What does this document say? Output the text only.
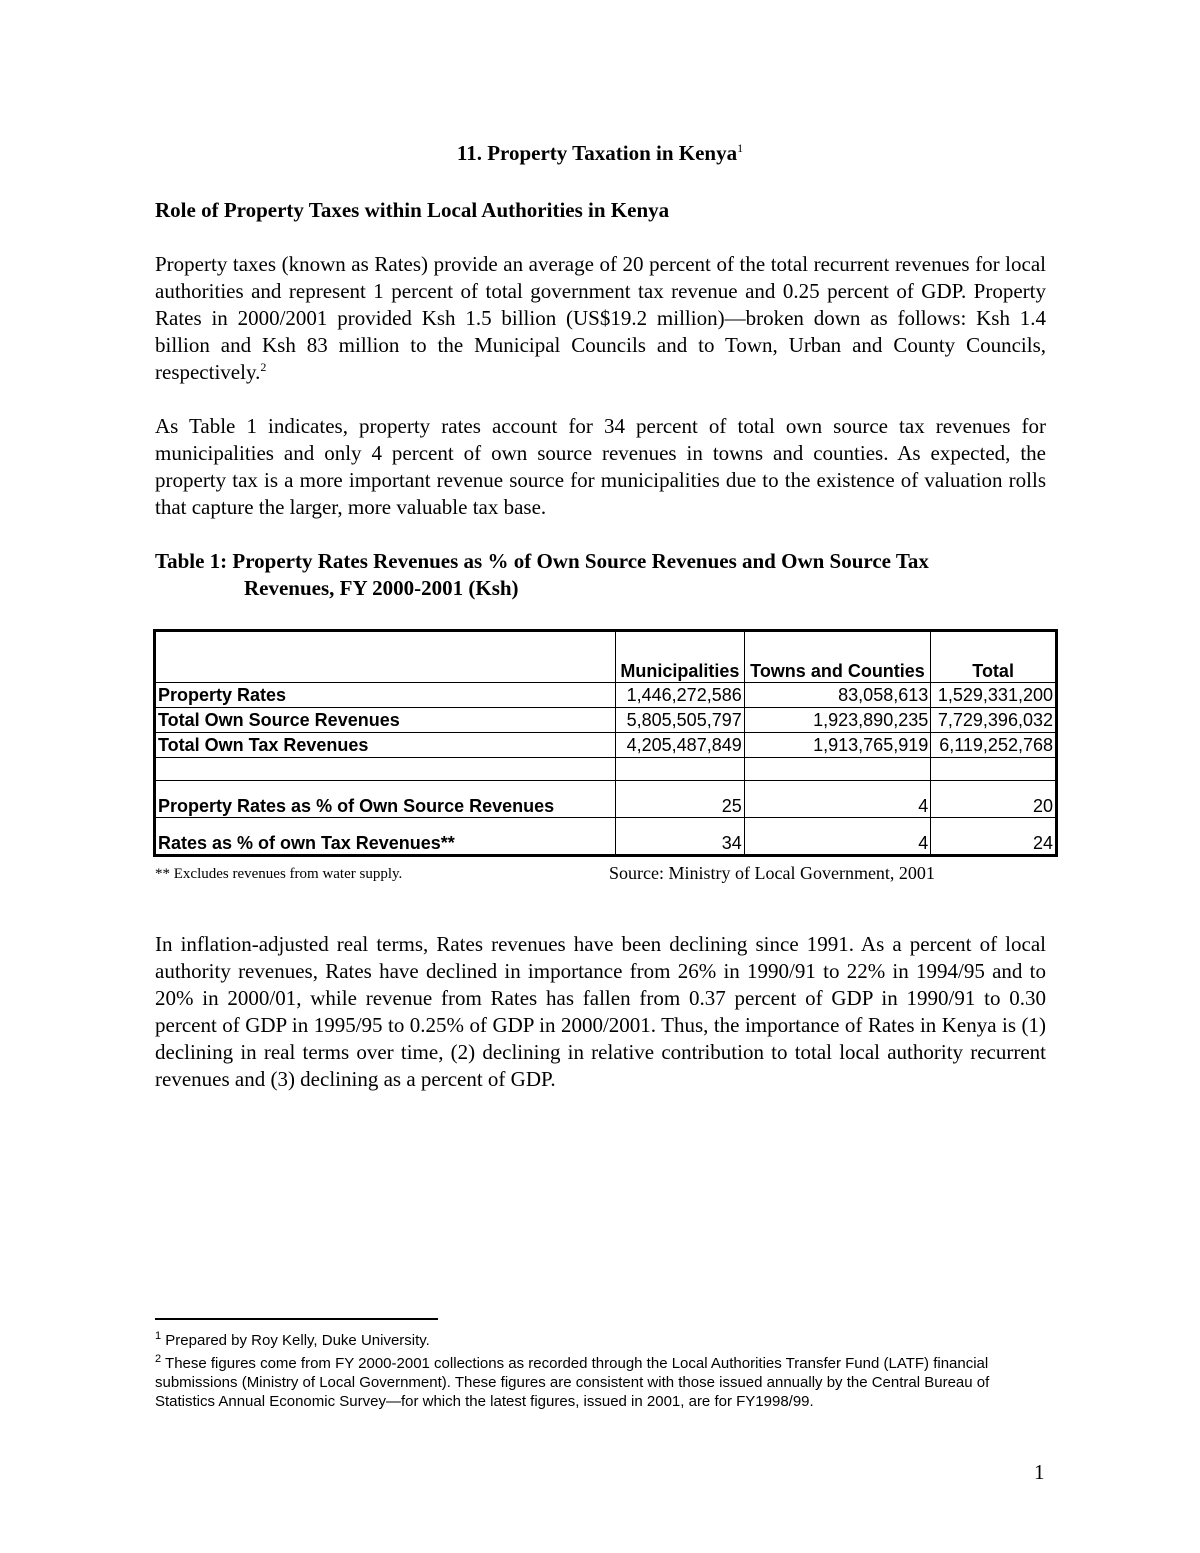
11. Property Taxation in Kenya$^1$
Role of Property Taxes within Local Authorities in Kenya

Property taxes (known as Rates) provide an average of 20 percent of the total recurrent revenues for local authorities and represent 1 percent of total government tax revenue and 0.25 percent of GDP. Property Rates in 2000/2001 provided Ksh 1.5 billion (US$19.2 million)—broken down as follows: Ksh 1.4 billion and Ksh 83 million to the Municipal Councils and to Town, Urban and County Councils, respectively.$^2$

As Table 1 indicates, property rates account for 34 percent of total own source tax revenues for municipalities and only 4 percent of own source revenues in towns and counties. As expected, the property tax is a more important revenue source for municipalities due to the existence of valuation rolls that capture the larger, more valuable tax base.

Table 1: Property Rates Revenues as % of Own Source Revenues and Own Source Tax
Revenues, FY 2000-2001 (Ksh)
	Municipalities	Towns and Counties	Total
Property Rates	1,446,272,586	83,058,613	1,529,331,200
Total Own Source Revenues	5,805,505,797	1,923,890,235	7,729,396,032
Total Own Tax Revenues	4,205,487,849	1,913,765,919	6,119,252,768

Property Rates as % of Own Source Revenues	25	4	20
Rates as % of own Tax Revenues**	34	4	24
** Excludes revenues from water supply.	Source: Ministry of Local Government, 2001

In inflation-adjusted real terms, Rates revenues have been declining since 1991. As a percent of local authority revenues, Rates have declined in importance from 26% in 1990/91 to 22% in 1994/95 and to 20% in 2000/01, while revenue from Rates has fallen from 0.37 percent of GDP in 1990/91 to 0.30 percent of GDP in 1995/95 to 0.25% of GDP in 2000/2001. Thus, the importance of Rates in Kenya is (1) declining in real terms over time, (2) declining in relative contribution to total local authority recurrent revenues and (3) declining as a percent of GDP.

$^1$ Prepared by Roy Kelly, Duke University.

$^2$ These figures come from FY 2000-2001 collections as recorded through the Local Authorities Transfer Fund (LATF) financial submissions (Ministry of Local Government). These figures are consistent with those issued annually by the Central Bureau of Statistics Annual Economic Survey—for which the latest figures, issued in 2001, are for FY1998/99.

1
